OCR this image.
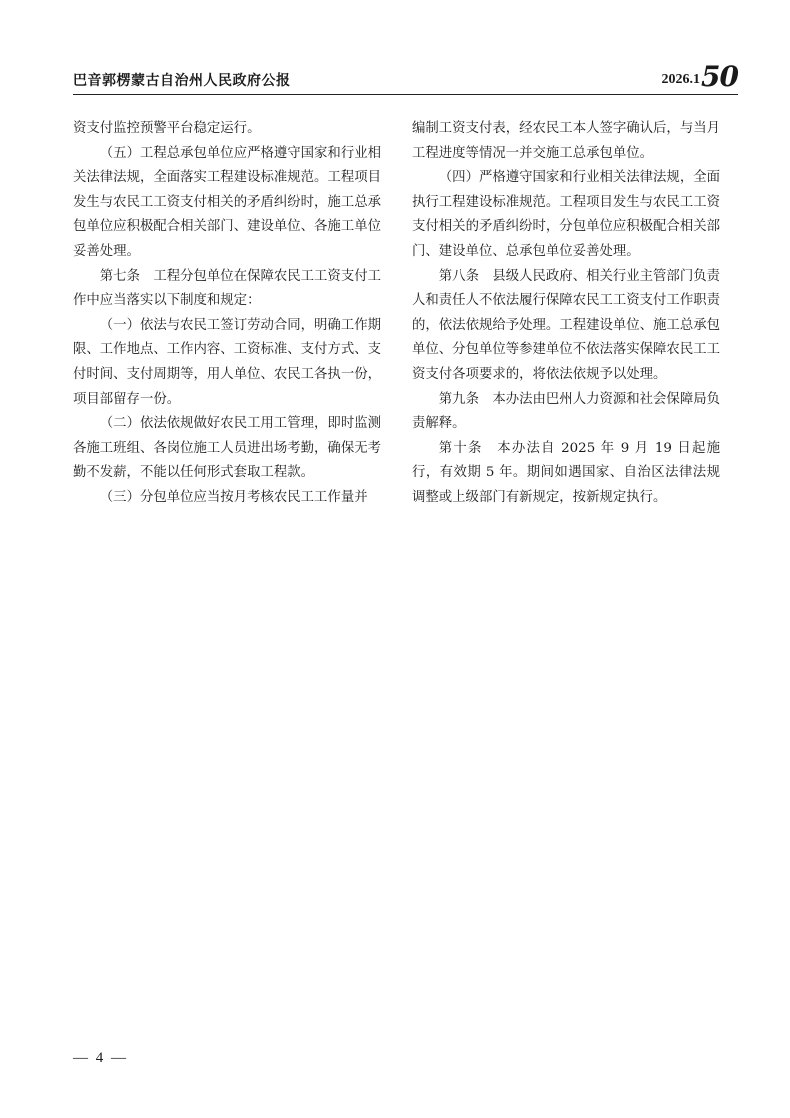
巴音郭楞蒙古自治州人民政府公报	2026.1 50

资支付监控预警平台稳定运行。

（五）工程总承包单位应严格遵守国家和行业相关法律法规，全面落实工程建设标准规范。工程项目发生与农民工工资支付相关的矛盾纠纷时，施工总承包单位应积极配合相关部门、建设单位、各施工单位妥善处理。

第七条　工程分包单位在保障农民工工资支付工作中应当落实以下制度和规定：

（一）依法与农民工签订劳动合同，明确工作期限、工作地点、工作内容、工资标准、支付方式、支付时间、支付周期等，用人单位、农民工各执一份，项目部留存一份。

（二）依法依规做好农民工用工管理，即时监测各施工班组、各岗位施工人员进出场考勤，确保无考勤不发薪，不能以任何形式套取工程款。

（三）分包单位应当按月考核农民工工作量并

编制工资支付表，经农民工本人签字确认后，与当月工程进度等情况一并交施工总承包单位。

（四）严格遵守国家和行业相关法律法规，全面执行工程建设标准规范。工程项目发生与农民工工资支付相关的矛盾纠纷时，分包单位应积极配合相关部门、建设单位、总承包单位妥善处理。

第八条　县级人民政府、相关行业主管部门负责人和责任人不依法履行保障农民工工资支付工作职责的，依法依规给予处理。工程建设单位、施工总承包单位、分包单位等参建单位不依法落实保障农民工工资支付各项要求的，将依法依规予以处理。

第九条　本办法由巴州人力资源和社会保障局负责解释。

第十条　本办法自 2025 年 9 月 19 日起施行，有效期 5 年。期间如遇国家、自治区法律法规调整或上级部门有新规定，按新规定执行。

— 4 —
